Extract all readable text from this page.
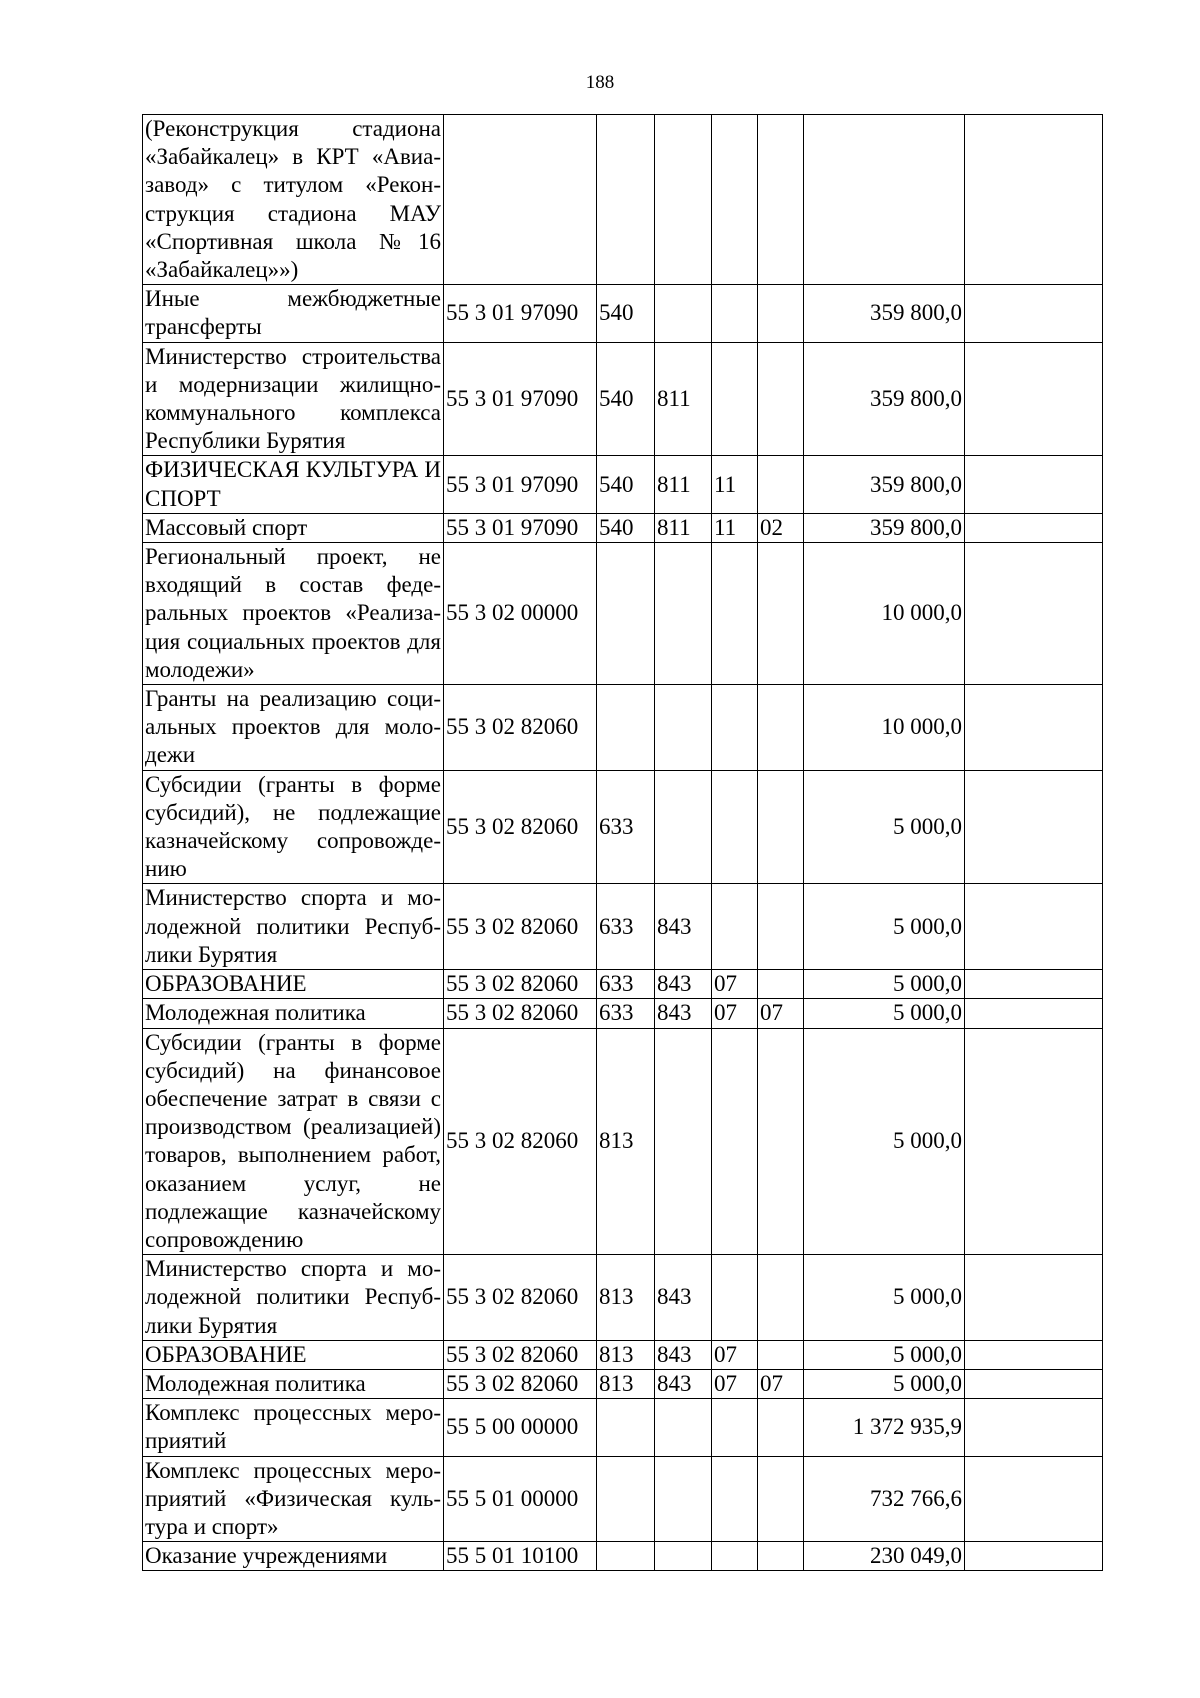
188
(Реконструкция стадиона «Забайкалец» в КРТ «Авиазавод» с титулом «Реконструкция стадиона МАУ «Спортивная школа №16 «Забайкалец»»)							
Иные межбюджетные трансферты	55 3 01 97090	540				359 800,0	
Министерство строительства и модернизации жилищно-коммунального комплекса Республики Бурятия	55 3 01 97090	540	811			359 800,0	
ФИЗИЧЕСКАЯ КУЛЬТУРА И СПОРТ	55 3 01 97090	540	811	11		359 800,0	
Массовый спорт	55 3 01 97090	540	811	11	02	359 800,0	
Региональный проект, не входящий в состав федеральных проектов «Реализация социальных проектов для молодежи»	55 3 02 00000					10 000,0	
Гранты на реализацию социальных проектов для молодежи	55 3 02 82060					10 000,0	
Субсидии (гранты в форме субсидий), не подлежащие казначейскому сопровождению	55 3 02 82060	633				5 000,0	
Министерство спорта и молодежной политики Республики Бурятия	55 3 02 82060	633	843			5 000,0	
ОБРАЗОВАНИЕ	55 3 02 82060	633	843	07		5 000,0	
Молодежная политика	55 3 02 82060	633	843	07	07	5 000,0	
Субсидии (гранты в форме субсидий) на финансовое обеспечение затрат в связи с производством (реализацией) товаров, выполнением работ, оказанием услуг, не подлежащие казначейскому сопровождению	55 3 02 82060	813				5 000,0	
Министерство спорта и молодежной политики Республики Бурятия	55 3 02 82060	813	843			5 000,0	
ОБРАЗОВАНИЕ	55 3 02 82060	813	843	07		5 000,0	
Молодежная политика	55 3 02 82060	813	843	07	07	5 000,0	
Комплекс процессных мероприятий	55 5 00 00000					1 372 935,9	
Комплекс процессных мероприятий «Физическая культура и спорт»	55 5 01 00000					732 766,6	
Оказание учреждениями	55 5 01 10100					230 049,0	
